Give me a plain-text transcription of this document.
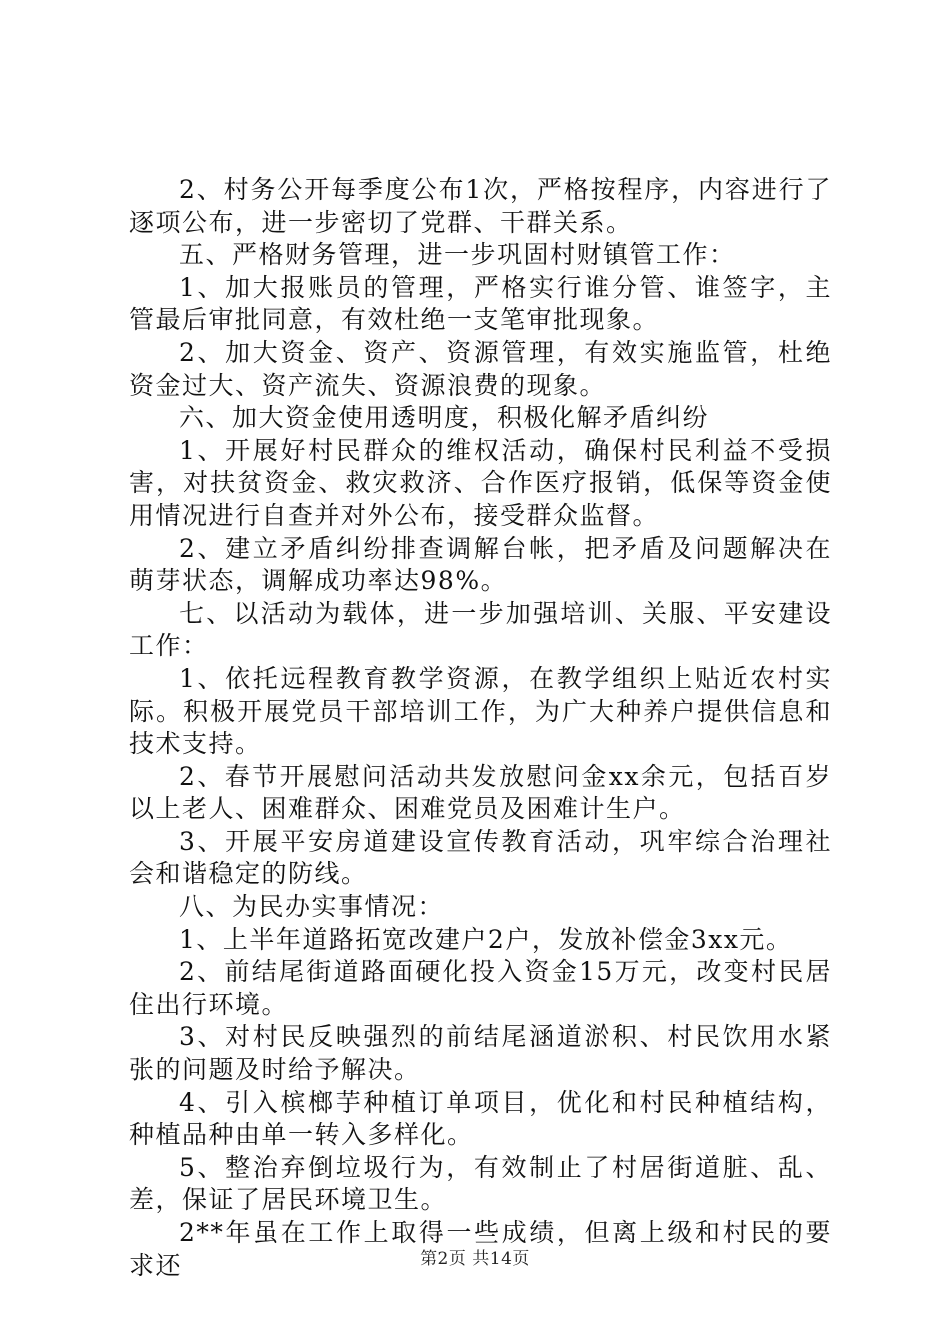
2、村务公开每季度公布1次，严格按程序，内容进行了逐项公布，进一步密切了党群、干群关系。

五、严格财务管理，进一步巩固村财镇管工作：

1、加大报账员的管理，严格实行谁分管、谁签字，主管最后审批同意，有效杜绝一支笔审批现象。

2、加大资金、资产、资源管理，有效实施监管，杜绝资金过大、资产流失、资源浪费的现象。

六、加大资金使用透明度，积极化解矛盾纠纷

1、开展好村民群众的维权活动，确保村民利益不受损害，对扶贫资金、救灾救济、合作医疗报销，低保等资金使用情况进行自查并对外公布，接受群众监督。

2、建立矛盾纠纷排查调解台帐，把矛盾及问题解决在萌芽状态，调解成功率达98%。

七、以活动为载体，进一步加强培训、关服、平安建设工作：

1、依托远程教育教学资源，在教学组织上贴近农村实际。积极开展党员干部培训工作，为广大种养户提供信息和技术支持。

2、春节开展慰问活动共发放慰问金xx余元，包括百岁以上老人、困难群众、困难党员及困难计生户。

3、开展平安房道建设宣传教育活动，巩牢综合治理社会和谐稳定的防线。

八、为民办实事情况：

1、上半年道路拓宽改建户2户，发放补偿金3xx元。

2、前结尾街道路面硬化投入资金15万元，改变村民居住出行环境。

3、对村民反映强烈的前结尾涵道淤积、村民饮用水紧张的问题及时给予解决。

4、引入槟榔芋种植订单项目，优化和村民种植结构，种植品种由单一转入多样化。

5、整治弃倒垃圾行为，有效制止了村居街道脏、乱、差，保证了居民环境卫生。

2**年虽在工作上取得一些成绩，但离上级和村民的要求还	第2页 共14页
